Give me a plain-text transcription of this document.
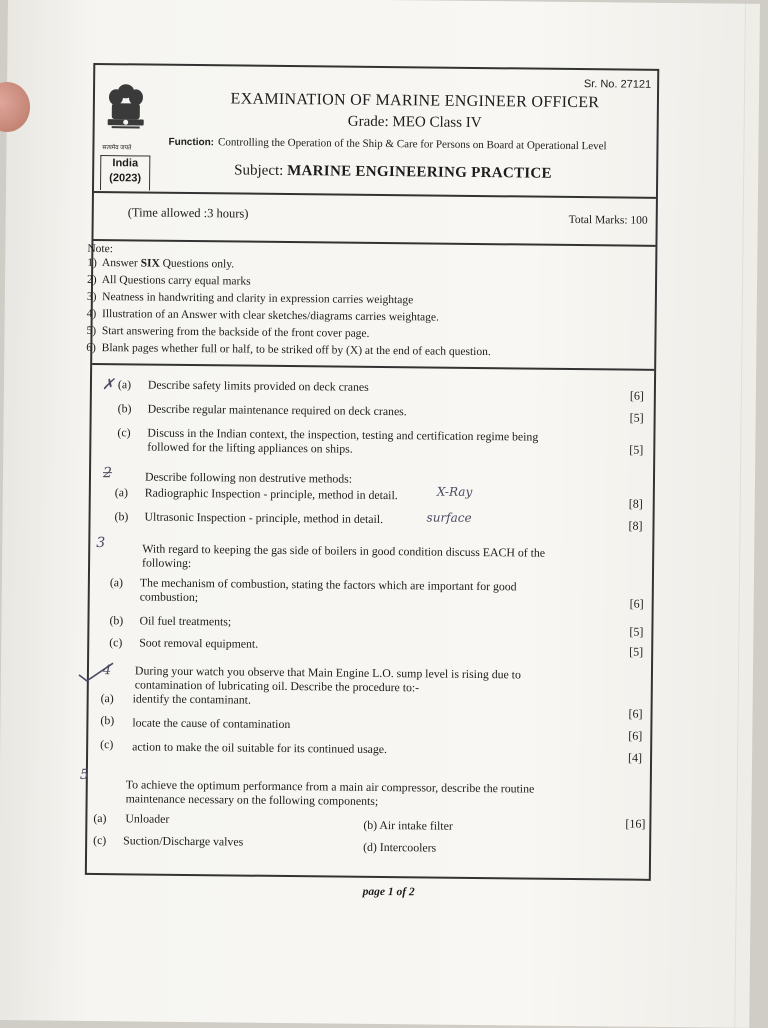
India
(2023)
Sr. No. 27121
EXAMINATION OF MARINE ENGINEER OFFICER
Grade: MEO Class IV
Function: Controlling the Operation of the Ship & Care for Persons on Board at Operational Level
सत्यमेव जयते
Subject: MARINE ENGINEERING PRACTICE
(Time allowed :3 hours)	Total Marks: 100
Note:
1) Answer SIX Questions only.
2) All Questions carry equal marks
3) Neatness in handwriting and clarity in expression carries weightage
4) Illustration of an Answer with clear sketches/diagrams carries weightage.
5) Start answering from the backside of the front cover page.
6) Blank pages whether full or half, to be striked off by (X) at the end of each question.
✗ (a) Describe safety limits provided on deck cranes
[6]
(b) Describe regular maintenance required on deck cranes.	[5]
(c) Discuss in the Indian context, the inspection, testing and certification regime being
followed for the lifting appliances on ships.	[5]
2	Describe following non destrutive methods:
(a) Radiographic Inspection - principle, method in detail.	X-Ray
[8]
(b) Ultrasonic Inspection - principle, method in detail.	surface
[8]
3	With regard to keeping the gas side of boilers in good condition discuss EACH of the
following:
(a) The mechanism of combustion, stating the factors which are important for good
combustion;	[6]
(b) Oil fuel treatments;
[5]
(c) Soot removal equipment.
[5]
4 During your watch you observe that Main Engine L.O. sump level is rising due to
contamination of lubricating oil. Describe the procedure to:-
(a) identify the contaminant.
[6]
(b) locate the cause of contamination
[6]
(c) action to make the oil suitable for its continued usage.
[4]
5
To achieve the optimum performance from a main air compressor, describe the routine
maintenance necessary on the following components;
(a) Unloader	(b) Air intake filter	[16]
(c) Suction/Discharge valves	(d) Intercoolers
page 1 of 2
